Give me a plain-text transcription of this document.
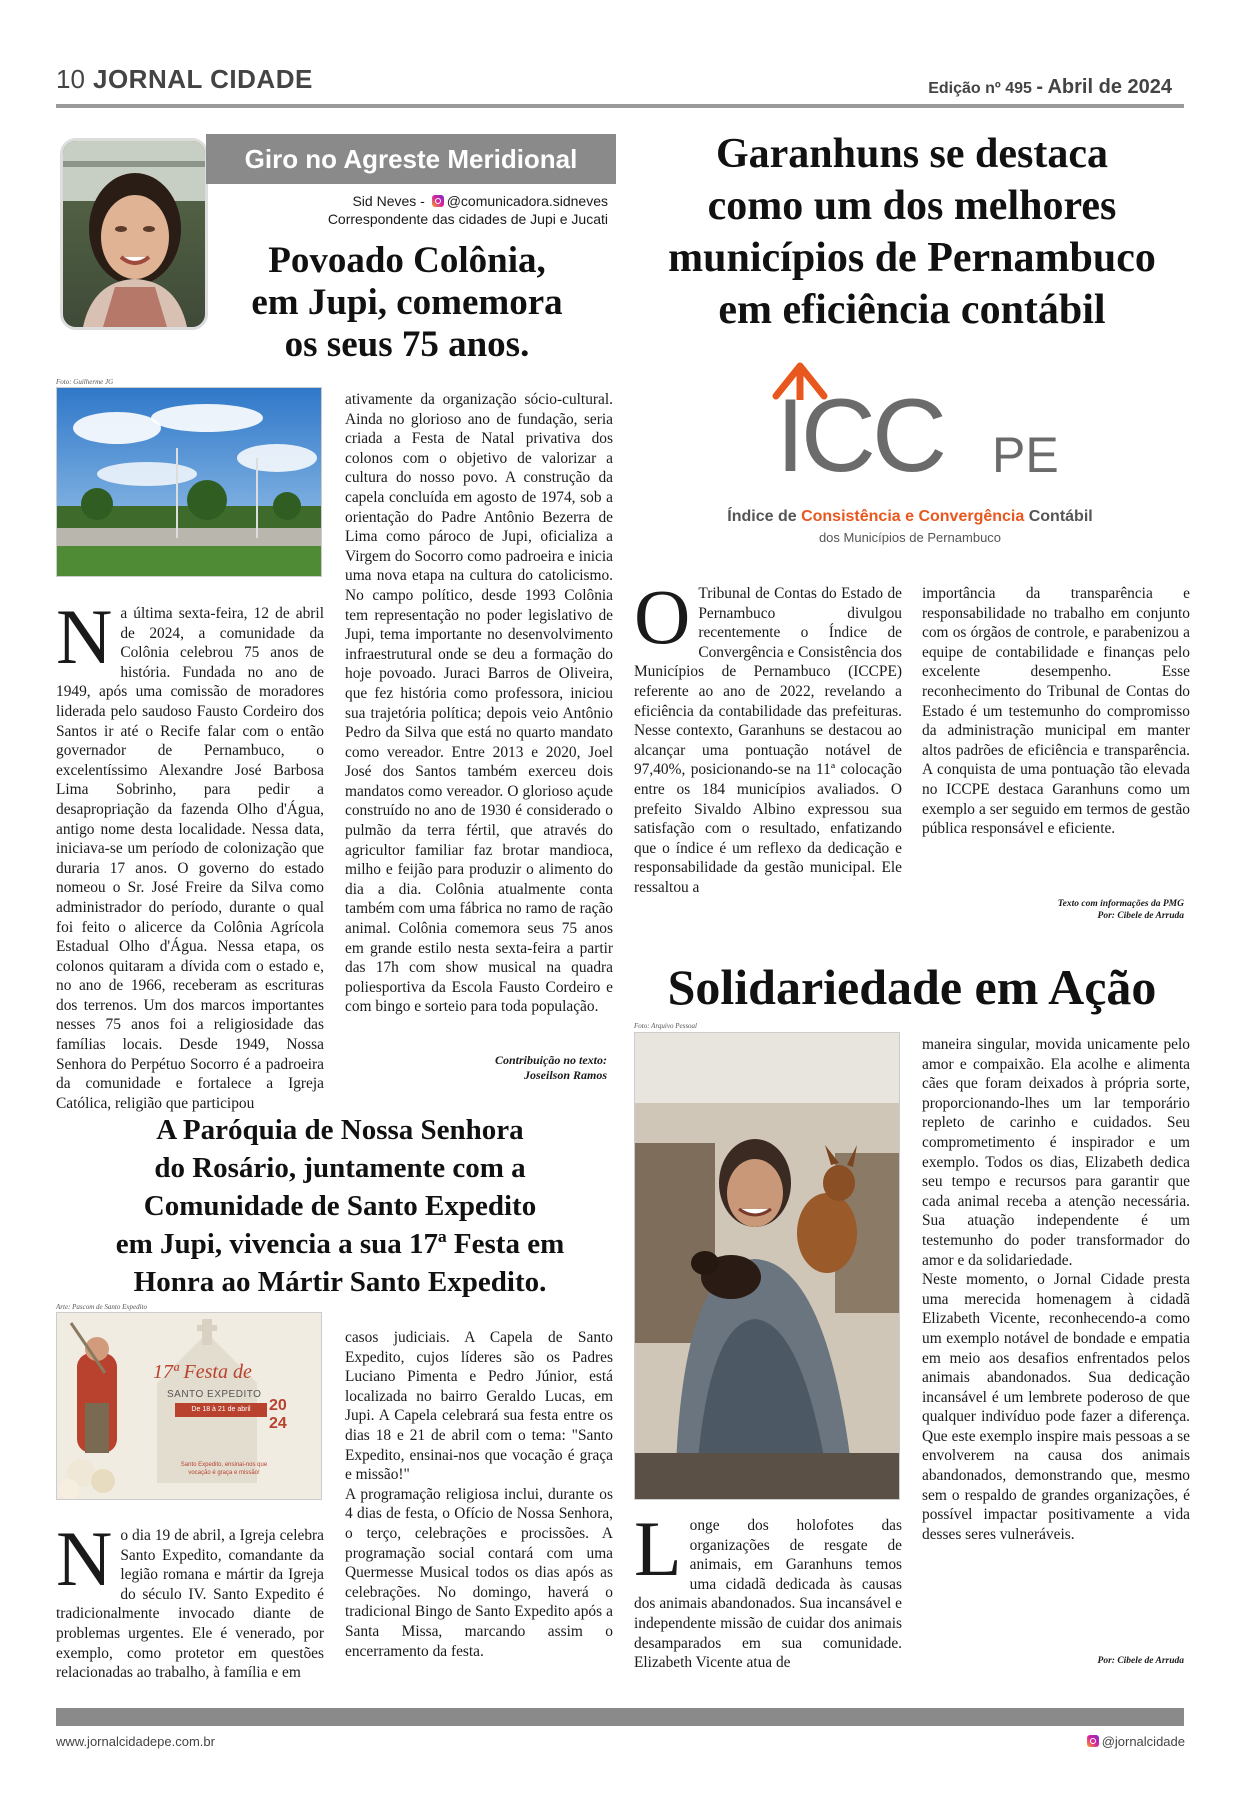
10 JORNAL CIDADE	Edição nº 495 - Abril de 2024
Giro no Agreste Meridional
Sid Neves - @comunicadora.sidneves
Correspondente das cidades de Jupi e Jucati
Povoado Colônia,
em Jupi, comemora
os seus 75 anos.
Foto: Guilherme JG
Na última sexta-feira, 12 de abril de 2024, a comunidade da Colônia celebrou 75 anos de história. Fundada no ano de 1949, após uma comissão de moradores liderada pelo saudoso Fausto Cordeiro dos Santos ir até o Recife falar com o então governador de Pernambuco, o excelentíssimo Alexandre José Barbosa Lima Sobrinho, para pedir a desapropriação da fazenda Olho d'Água, antigo nome desta localidade. Nessa data, iniciava-se um período de colonização que duraria 17 anos. O governo do estado nomeou o Sr. José Freire da Silva como administrador do período, durante o qual foi feito o alicerce da Colônia Agrícola Estadual Olho d'Água. Nessa etapa, os colonos quitaram a dívida com o estado e, no ano de 1966, receberam as escrituras dos terrenos. Um dos marcos importantes nesses 75 anos foi a religiosidade das famílias locais. Desde 1949, Nossa Senhora do Perpétuo Socorro é a padroeira da comunidade e fortalece a Igreja Católica, religião que participou
ativamente da organização sócio-cultural. Ainda no glorioso ano de fundação, seria criada a Festa de Natal privativa dos colonos com o objetivo de valorizar a cultura do nosso povo. A construção da capela concluída em agosto de 1974, sob a orientação do Padre Antônio Bezerra de Lima como pároco de Jupi, oficializa a Virgem do Socorro como padroeira e inicia uma nova etapa na cultura do catolicismo. No campo político, desde 1993 Colônia tem representação no poder legislativo de Jupi, tema importante no desenvolvimento infraestrutural onde se deu a formação do hoje povoado. Juraci Barros de Oliveira, que fez história como professora, iniciou sua trajetória política; depois veio Antônio Pedro da Silva que está no quarto mandato como vereador. Entre 2013 e 2020, Joel José dos Santos também exerceu dois mandatos como vereador. O glorioso açude construído no ano de 1930 é considerado o pulmão da terra fértil, que através do agricultor familiar faz brotar mandioca, milho e feijão para produzir o alimento do dia a dia. Colônia atualmente conta também com uma fábrica no ramo de ração animal. Colônia comemora seus 75 anos em grande estilo nesta sexta-feira a partir das 17h com show musical na quadra poliesportiva da Escola Fausto Cordeiro e com bingo e sorteio para toda população.
Contribuição no texto:
Joseilson Ramos
A Paróquia de Nossa Senhora
do Rosário, juntamente com a
Comunidade de Santo Expedito
em Jupi, vivencia a sua 17ª Festa em
Honra ao Mártir Santo Expedito.
Arte: Pascom de Santo Expedito
17ª Festa de
SANTO EXPEDITO
De 18 à 21 de abril	20
24
Santo Expedito, ensinai-nos que vocação é graça e missão!
No dia 19 de abril, a Igreja celebra Santo Expedito, comandante da legião romana e mártir da Igreja do século IV. Santo Expedito é tradicionalmente invocado diante de problemas urgentes. Ele é venerado, por exemplo, como protetor em questões relacionadas ao trabalho, à família e em

casos judiciais. A Capela de Santo Expedito, cujos líderes são os Padres Luciano Pimenta e Pedro Júnior, está localizada no bairro Geraldo Lucas, em Jupi. A Capela celebrará sua festa entre os dias 18 e 21 de abril com o tema: "Santo Expedito, ensinai-nos que vocação é graça e missão!"

A programação religiosa inclui, durante os 4 dias de festa, o Ofício de Nossa Senhora, o terço, celebrações e procissões. A programação social contará com uma Quermesse Musical todos os dias após as celebrações. No domingo, haverá o tradicional Bingo de Santo Expedito após a Santa Missa, marcando assim o encerramento da festa.

Garanhuns se destaca
como um dos melhores
municípios de Pernambuco
em eficiência contábil
ICC PE
Índice de Consistência e Convergência Contábil
dos Municípios de Pernambuco
O Tribunal de Contas do Estado de Pernambuco divulgou recentemente o Índice de Convergência e Consistência dos Municípios de Pernambuco (ICCPE) referente ao ano de 2022, revelando a eficiência da contabilidade das prefeituras. Nesse contexto, Garanhuns se destacou ao alcançar uma pontuação notável de 97,40%, posicionando-se na 11ª colocação entre os 184 municípios avaliados. O prefeito Sivaldo Albino expressou sua satisfação com o resultado, enfatizando que o índice é um reflexo da dedicação e responsabilidade da gestão municipal. Ele ressaltou a
importância da transparência e responsabilidade no trabalho em conjunto com os órgãos de controle, e parabenizou a equipe de contabilidade e finanças pelo excelente desempenho. Esse reconhecimento do Tribunal de Contas do Estado é um testemunho do compromisso da administração municipal em manter altos padrões de eficiência e transparência. A conquista de uma pontuação tão elevada no ICCPE destaca Garanhuns como um exemplo a ser seguido em termos de gestão pública responsável e eficiente.
Texto com informações da PMG
Por: Cibele de Arruda
Solidariedade em Ação
Foto: Arquivo Pessoal
Longe dos holofotes das organizações de resgate de animais, em Garanhuns temos uma cidadã dedicada às causas dos animais abandonados. Sua incansável e independente missão de cuidar dos animais desamparados em sua comunidade. Elizabeth Vicente atua de

maneira singular, movida unicamente pelo amor e compaixão. Ela acolhe e alimenta cães que foram deixados à própria sorte, proporcionando-lhes um lar temporário repleto de carinho e cuidados. Seu comprometimento é inspirador e um exemplo. Todos os dias, Elizabeth dedica seu tempo e recursos para garantir que cada animal receba a atenção necessária. Sua atuação independente é um testemunho do poder transformador do amor e da solidariedade.

Neste momento, o Jornal Cidade presta uma merecida homenagem à cidadã Elizabeth Vicente, reconhecendo-a como um exemplo notável de bondade e empatia em meio aos desafios enfrentados pelos animais abandonados. Sua dedicação incansável é um lembrete poderoso de que qualquer indivíduo pode fazer a diferença. Que este exemplo inspire mais pessoas a se envolverem na causa dos animais abandonados, demonstrando que, mesmo sem o respaldo de grandes organizações, é possível impactar positivamente a vida desses seres vulneráveis.

Por: Cibele de Arruda
www.jornalcidadepe.com.br	@jornalcidade
